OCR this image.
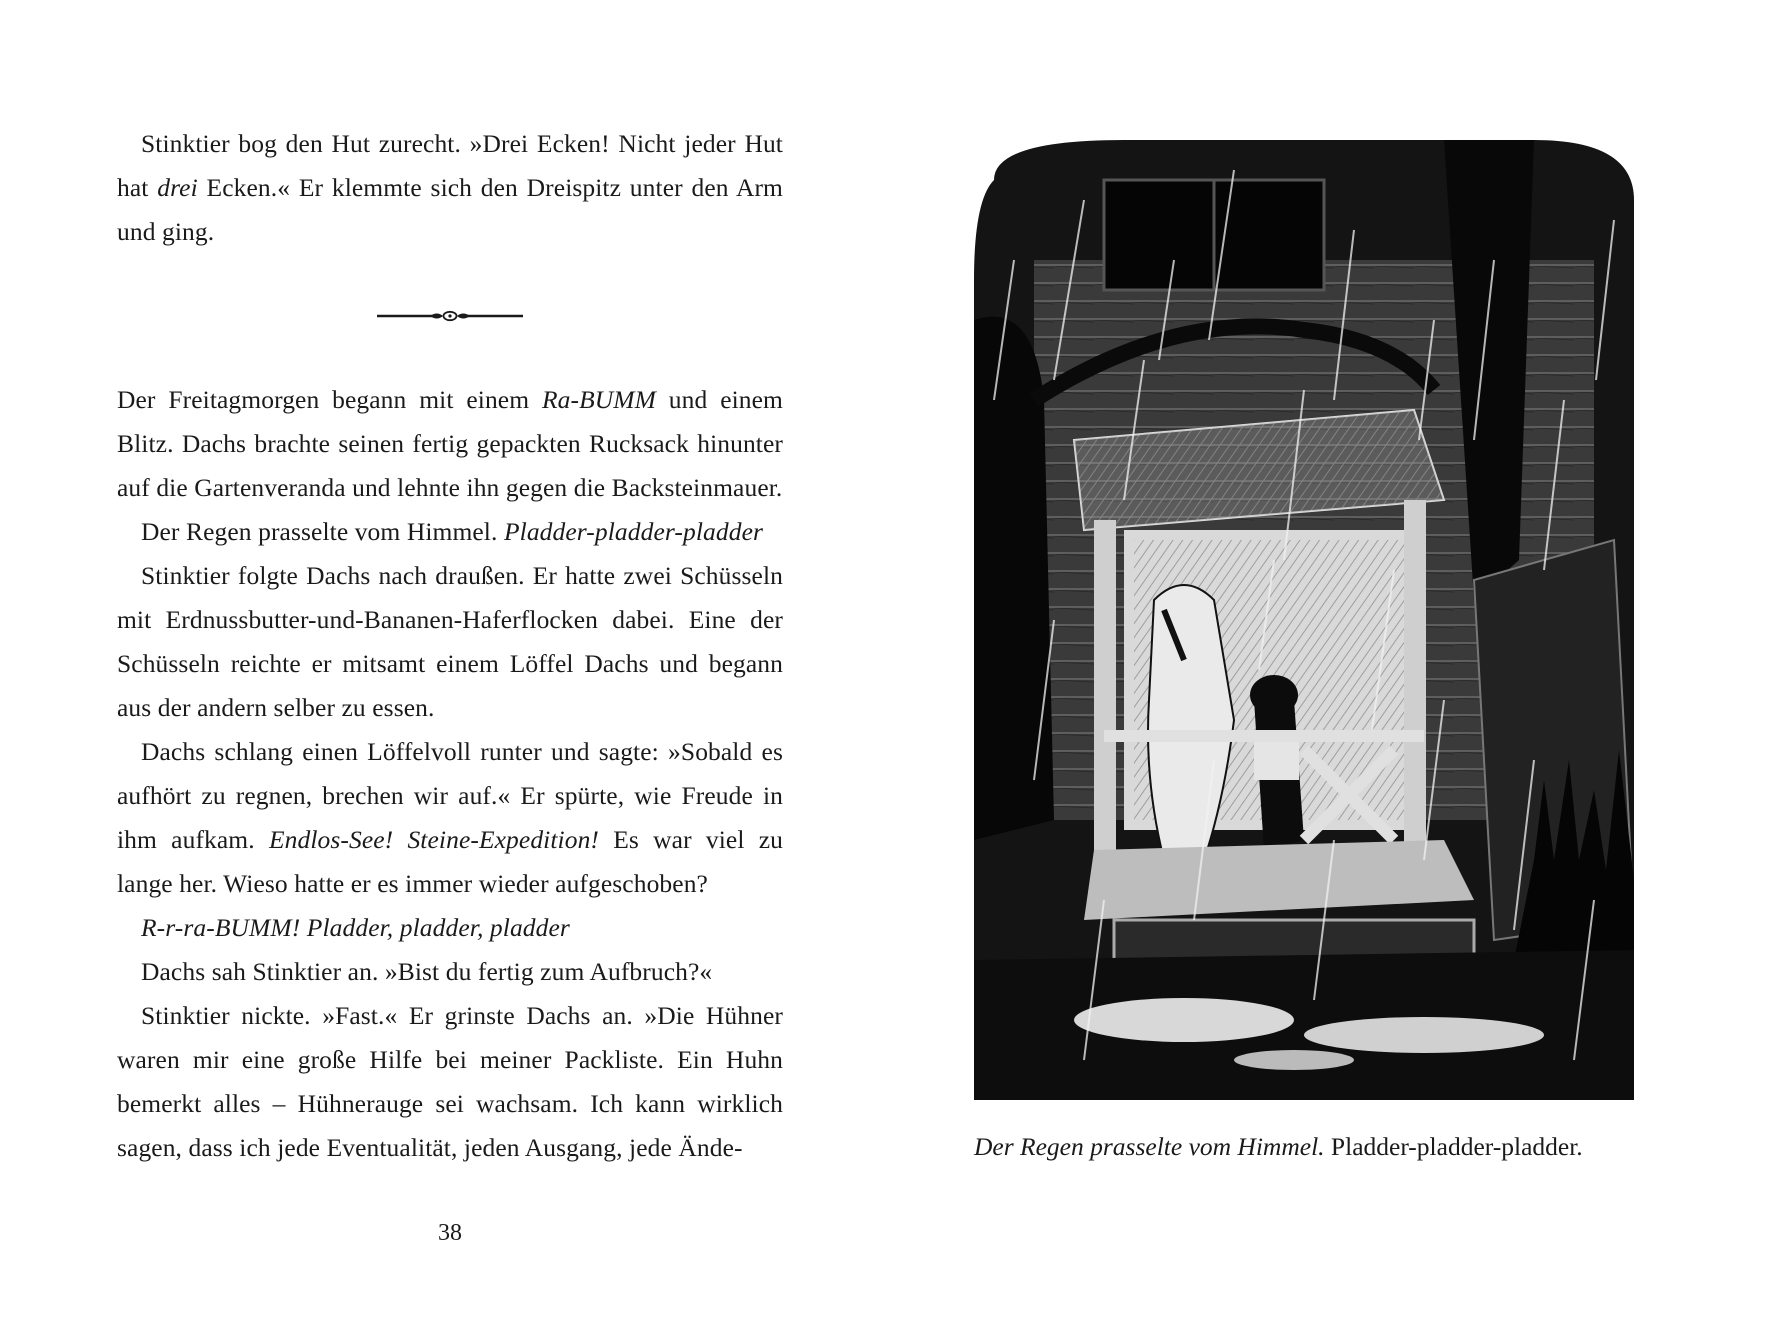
Stinktier bog den Hut zurecht. »Drei Ecken! Nicht jeder Hut hat drei Ecken.« Er klemmte sich den Dreispitz unter den Arm und ging.

Der Freitagmorgen begann mit einem Ra-BUMM und einem Blitz. Dachs brachte seinen fertig gepackten Rucksack hinunter auf die Gartenveranda und lehnte ihn gegen die Backsteinmauer.

Der Regen prasselte vom Himmel. Pladder-pladder-pladder

Stinktier folgte Dachs nach draußen. Er hatte zwei Schüsseln mit Erdnussbutter-und-Bananen-Haferflocken dabei. Eine der Schüsseln reichte er mitsamt einem Löffel Dachs und begann aus der andern selber zu essen.

Dachs schlang einen Löffelvoll runter und sagte: »Sobald es aufhört zu regnen, brechen wir auf.« Er spürte, wie Freude in ihm aufkam. Endlos-See! Steine-Expedition! Es war viel zu lange her. Wieso hatte er es immer wieder aufgeschoben?

R-r-ra-BUMM! Pladder, pladder, pladder

Dachs sah Stinktier an. »Bist du fertig zum Aufbruch?«

Stinktier nickte. »Fast.« Er grinste Dachs an. »Die Hühner waren mir eine große Hilfe bei meiner Packliste. Ein Huhn bemerkt alles – Hühnerauge sei wachsam. Ich kann wirklich sagen, dass ich jede Eventualität, jeden Ausgang, jede Ände-

38
Der Regen prasselte vom Himmel. Pladder-pladder-pladder.
